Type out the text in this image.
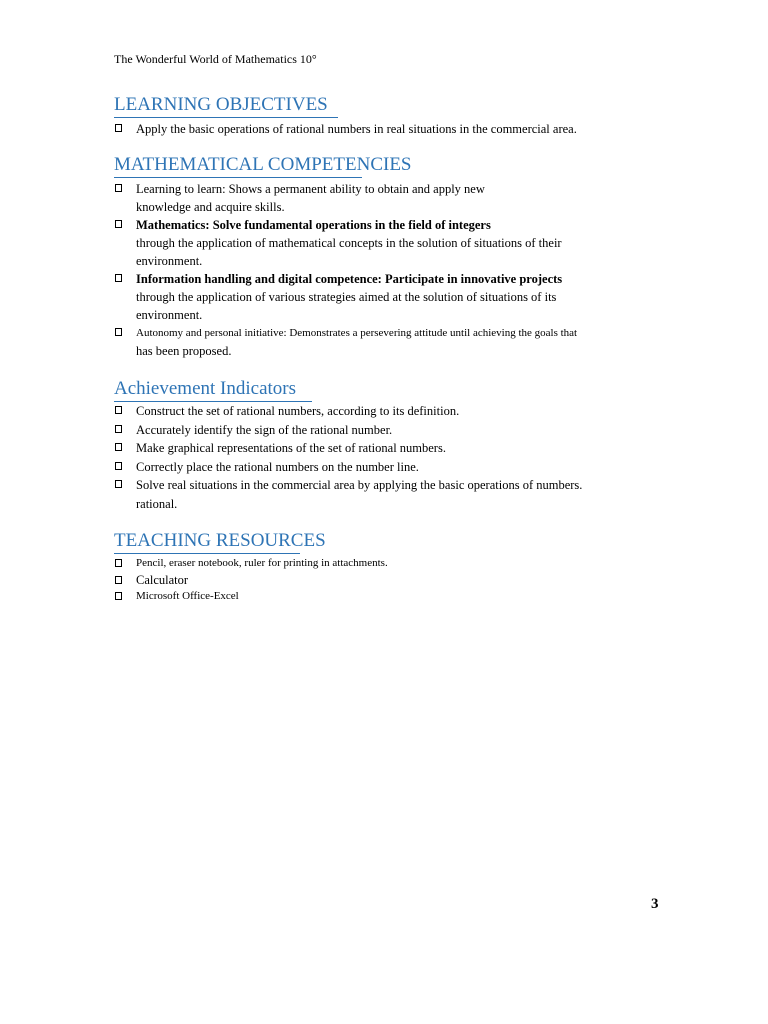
The Wonderful World of Mathematics 10°
LEARNING OBJECTIVES
Apply the basic operations of rational numbers in real situations in the commercial area.
MATHEMATICAL COMPETENCIES
Learning to learn: Shows a permanent ability to obtain and apply new
knowledge and acquire skills.
Mathematics: Solve fundamental operations in the field of integers
through the application of mathematical concepts in the solution of situations of their
environment.
Information handling and digital competence: Participate in innovative projects
through the application of various strategies aimed at the solution of situations of its
environment.
Autonomy and personal initiative: Demonstrates a persevering attitude until achieving the goals that
has been proposed.
Achievement Indicators
Construct the set of rational numbers, according to its definition.
Accurately identify the sign of the rational number.
Make graphical representations of the set of rational numbers.
Correctly place the rational numbers on the number line.
Solve real situations in the commercial area by applying the basic operations of numbers.
rational.
TEACHING RESOURCES
Pencil, eraser notebook, ruler for printing in attachments.
Calculator
Microsoft Office-Excel
3
